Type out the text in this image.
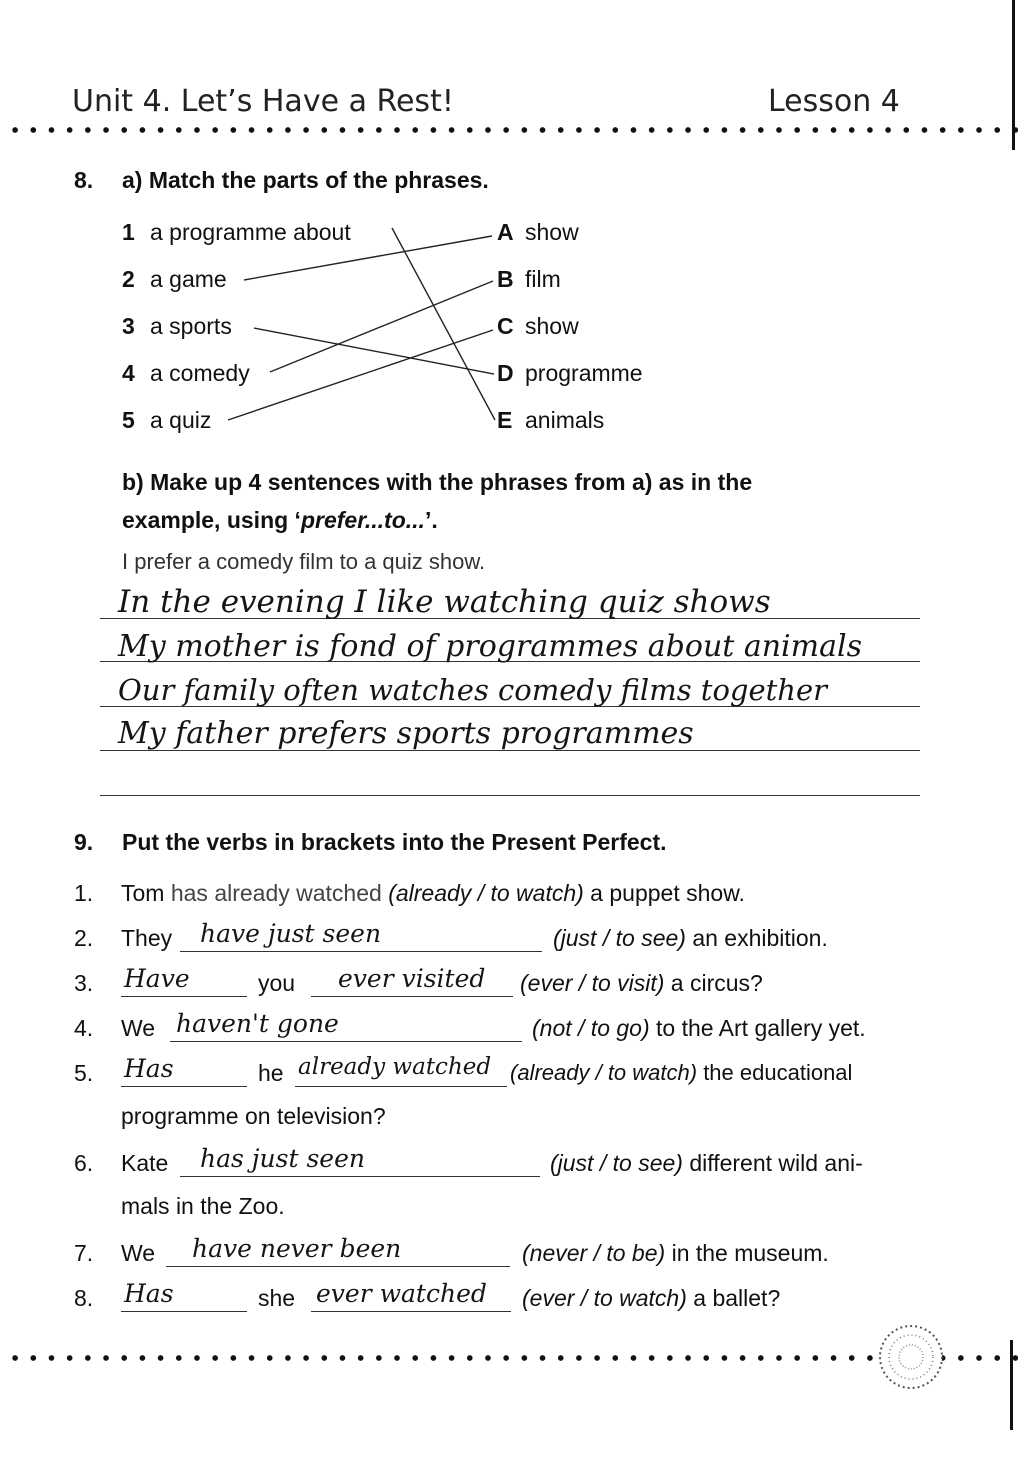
Unit 4. Let’s Have a Rest!	Lesson 4
8. a) Match the parts of the phrases.
1 a programme about
2 a game
3 a sports
4 a comedy
5 a quiz
A show
B film
C show
D programme
E animals
b) Make up 4 sentences with the phrases from a) as in the
example, using ‘prefer...to...’.
I prefer a comedy film to a quiz show.
In the evening I like watching quiz shows
My mother is fond of programmes about animals
Our family often watches comedy films together
My father prefers sports programmes
9. Put the verbs in brackets into the Present Perfect.
1. Tom has already watched (already / to watch) a puppet show.
2. They have just seen	(just / to see) an exhibition.
3. Have	you ever visited (ever / to visit) a circus?
4. We haven't gone	(not / to go) to the Art gallery yet.
5. Has	he already watched (already / to watch) the educational
programme on television?
6. Kate has just seen	(just / to see) different wild ani-
mals in the Zoo.
7. We have never been	(never / to be) in the museum.
8. Has	she ever watched (ever / to watch) a ballet?
